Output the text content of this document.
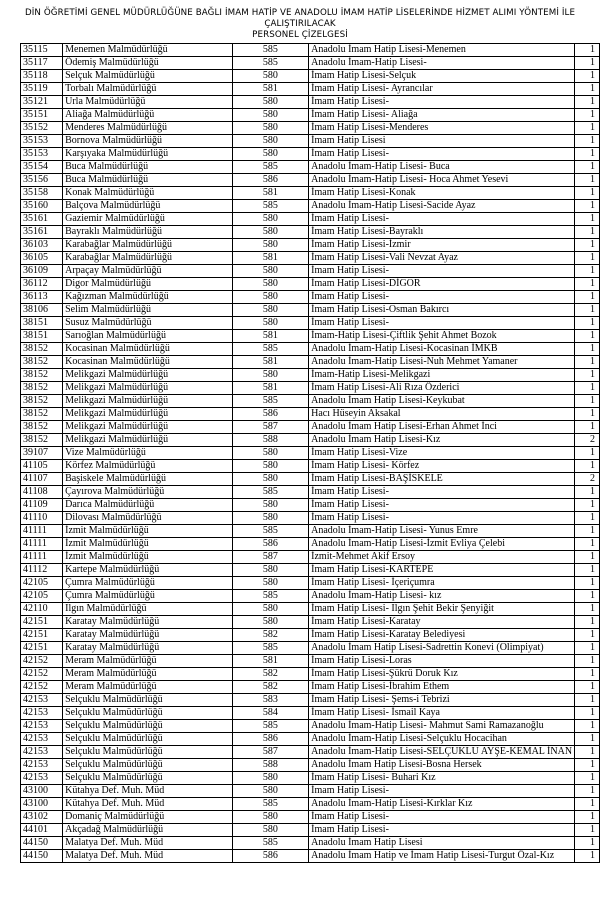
DİN ÖĞRETİMİ GENEL MÜDÜRLÜĞÜNE BAĞLI İMAM HATİP VE ANADOLU İMAM HATİP LİSELERİNDE HİZMET ALIMI YÖNTEMİ İLE ÇALIŞTIRILACAK
PERSONEL ÇİZELGESİ
35115	Menemen Malmüdürlüğü	585	Anadolu İmam Hatip Lisesi-Menemen	1
35117	Ödemiş Malmüdürlüğü	585	Anadolu İmam-Hatip Lisesi-	1
35118	Selçuk Malmüdürlüğü	580	İmam Hatip Lisesi-Selçuk	1
35119	Torbalı Malmüdürlüğü	581	İmam Hatip Lisesi- Ayrancılar	1
35121	Urla Malmüdürlüğü	580	İmam Hatip Lisesi-	1
35151	Aliağa Malmüdürlüğü	580	İmam Hatip Lisesi- Aliağa	1
35152	Menderes Malmüdürlüğü	580	İmam Hatip Lisesi-Menderes	1
35153	Bornova Malmüdürlüğü	580	İmam Hatip Lisesi	1
35153	Karşıyaka Malmüdürlüğü	580	İmam Hatip Lisesi-	1
35154	Buca Malmüdürlüğü	585	Anadolu İmam-Hatip Lisesi- Buca	1
35156	Buca Malmüdürlüğü	586	Anadolu İmam-Hatip Lisesi- Hoca Ahmet Yesevi	1
35158	Konak Malmüdürlüğü	581	İmam Hatip Lisesi-Konak	1
35160	Balçova Malmüdürlüğü	585	Anadolu İmam-Hatip Lisesi-Sacide Ayaz	1
35161	Gaziemir Malmüdürlüğü	580	İmam Hatip Lisesi-	1
35161	Bayraklı Malmüdürlüğü	580	İmam Hatip Lisesi-Bayraklı	1
36103	Karabağlar Malmüdürlüğü	580	İmam Hatip Lisesi-İzmir	1
36105	Karabağlar Malmüdürlüğü	581	İmam Hatip Lisesi-Vali Nevzat Ayaz	1
36109	Arpaçay Malmüdürlüğü	580	İmam Hatip Lisesi-	1
36112	Digor Malmüdürlüğü	580	İmam Hatip Lisesi-DİGOR	1
36113	Kağızman Malmüdürlüğü	580	İmam Hatip Lisesi-	1
38106	Selim Malmüdürlüğü	580	İmam Hatip Lisesi-Osman Bakırcı	1
38151	Susuz Malmüdürlüğü	580	İmam Hatip Lisesi-	1
38151	Sarıoğlan Malmüdürlüğü	581	İmam-Hatip Lisesi-Çiftlik Şehit Ahmet Bozok	1
38152	Kocasinan Malmüdürlüğü	585	Anadolu İmam-Hatip Lisesi-Kocasinan İMKB	1
38152	Kocasinan Malmüdürlüğü	581	Anadolu İmam-Hatip Lisesi-Nuh Mehmet Yamaner	1
38152	Melikgazi Malmüdürlüğü	580	İmam-Hatip Lisesi-Melikgazi	1
38152	Melikgazi Malmüdürlüğü	581	İmam Hatip Lisesi-Ali Rıza Özderici	1
38152	Melikgazi Malmüdürlüğü	585	Anadolu İmam Hatip Lisesi-Keykubat	1
38152	Melikgazi Malmüdürlüğü	586	Hacı Hüseyin Aksakal	1
38152	Melikgazi Malmüdürlüğü	587	Anadolu İmam Hatip Lisesi-Erhan Ahmet İnci	1
38152	Melikgazi Malmüdürlüğü	588	Anadolu İmam Hatip Lisesi-Kız	2
39107	Vize Malmüdürlüğü	580	İmam Hatip Lisesi-Vize	1
41105	Körfez Malmüdürlüğü	580	İmam Hatip Lisesi- Körfez	1
41107	Başiskele Malmüdürlüğü	580	İmam Hatip Lisesi-BAŞİSKELE	2
41108	Çayırova Malmüdürlüğü	585	İmam Hatip Lisesi-	1
41109	Darıca Malmüdürlüğü	580	İmam Hatip Lisesi-	1
41110	Dilovası Malmüdürlüğü	580	İmam Hatip Lisesi-	1
41111	İzmit Malmüdürlüğü	585	Anadolu İmam-Hatip Lisesi- Yunus Emre	1
41111	İzmit Malmüdürlüğü	586	Anadolu İmam-Hatip Lisesi-İzmit Evliya Çelebi	1
41111	İzmit Malmüdürlüğü	587	İzmit-Mehmet Akif Ersoy	1
41112	Kartepe Malmüdürlüğü	580	İmam Hatip Lisesi-KARTEPE	1
42105	Çumra Malmüdürlüğü	580	İmam Hatip Lisesi- İçeriçumra	1
42105	Çumra Malmüdürlüğü	585	Anadolu İmam-Hatip Lisesi- kız	1
42110	Ilgın Malmüdürlüğü	580	İmam Hatip Lisesi- Ilgın Şehit Bekir Şenyiğit	1
42151	Karatay Malmüdürlüğü	580	İmam Hatip Lisesi-Karatay	1
42151	Karatay Malmüdürlüğü	582	İmam Hatip Lisesi-Karatay Belediyesi	1
42151	Karatay Malmüdürlüğü	585	Anadolu İmam Hatip Lisesi-Sadrettin Konevi (Olimpiyat)	1
42152	Meram Malmüdürlüğü	581	İmam Hatip Lisesi-Loras	1
42152	Meram Malmüdürlüğü	582	İmam Hatip Lisesi-Şükrü Doruk Kız	1
42152	Meram Malmüdürlüğü	582	İmam Hatip Lisesi-İbrahim Ethem	1
42153	Selçuklu Malmüdürlüğü	583	İmam Hatip Lisesi- Şems-i Tebrizi	1
42153	Selçuklu Malmüdürlüğü	584	İmam Hatip Lisesi- İsmail Kaya	1
42153	Selçuklu Malmüdürlüğü	585	Anadolu İmam-Hatip Lisesi- Mahmut Sami Ramazanoğlu	1
42153	Selçuklu Malmüdürlüğü	586	Anadolu İmam-Hatip Lisesi-Selçuklu Hocacihan	1
42153	Selçuklu Malmüdürlüğü	587	Anadolu İmam-Hatip Lisesi-SELÇUKLU AYŞE-KEMAL İNAN	1
42153	Selçuklu Malmüdürlüğü	588	Anadolu İmam Hatip Lisesi-Bosna Hersek	1
42153	Selçuklu Malmüdürlüğü	580	İmam Hatip Lisesi- Buhari Kız	1
43100	Kütahya Def. Muh. Müd	580	İmam Hatip Lisesi-	1
43100	Kütahya Def. Muh. Müd	585	Anadolu İmam-Hatip Lisesi-Kırklar Kız	1
43102	Domaniç Malmüdürlüğü	580	İmam Hatip Lisesi-	1
44101	Akçadağ Malmüdürlüğü	580	İmam Hatip Lisesi-	1
44150	Malatya Def. Muh. Müd	585	Anadolu İmam Hatip Lisesi	1
44150	Malatya Def. Muh. Müd	586	Anadolu İmam Hatip ve İmam Hatip Lisesi-Turgut Özal-Kız	1
